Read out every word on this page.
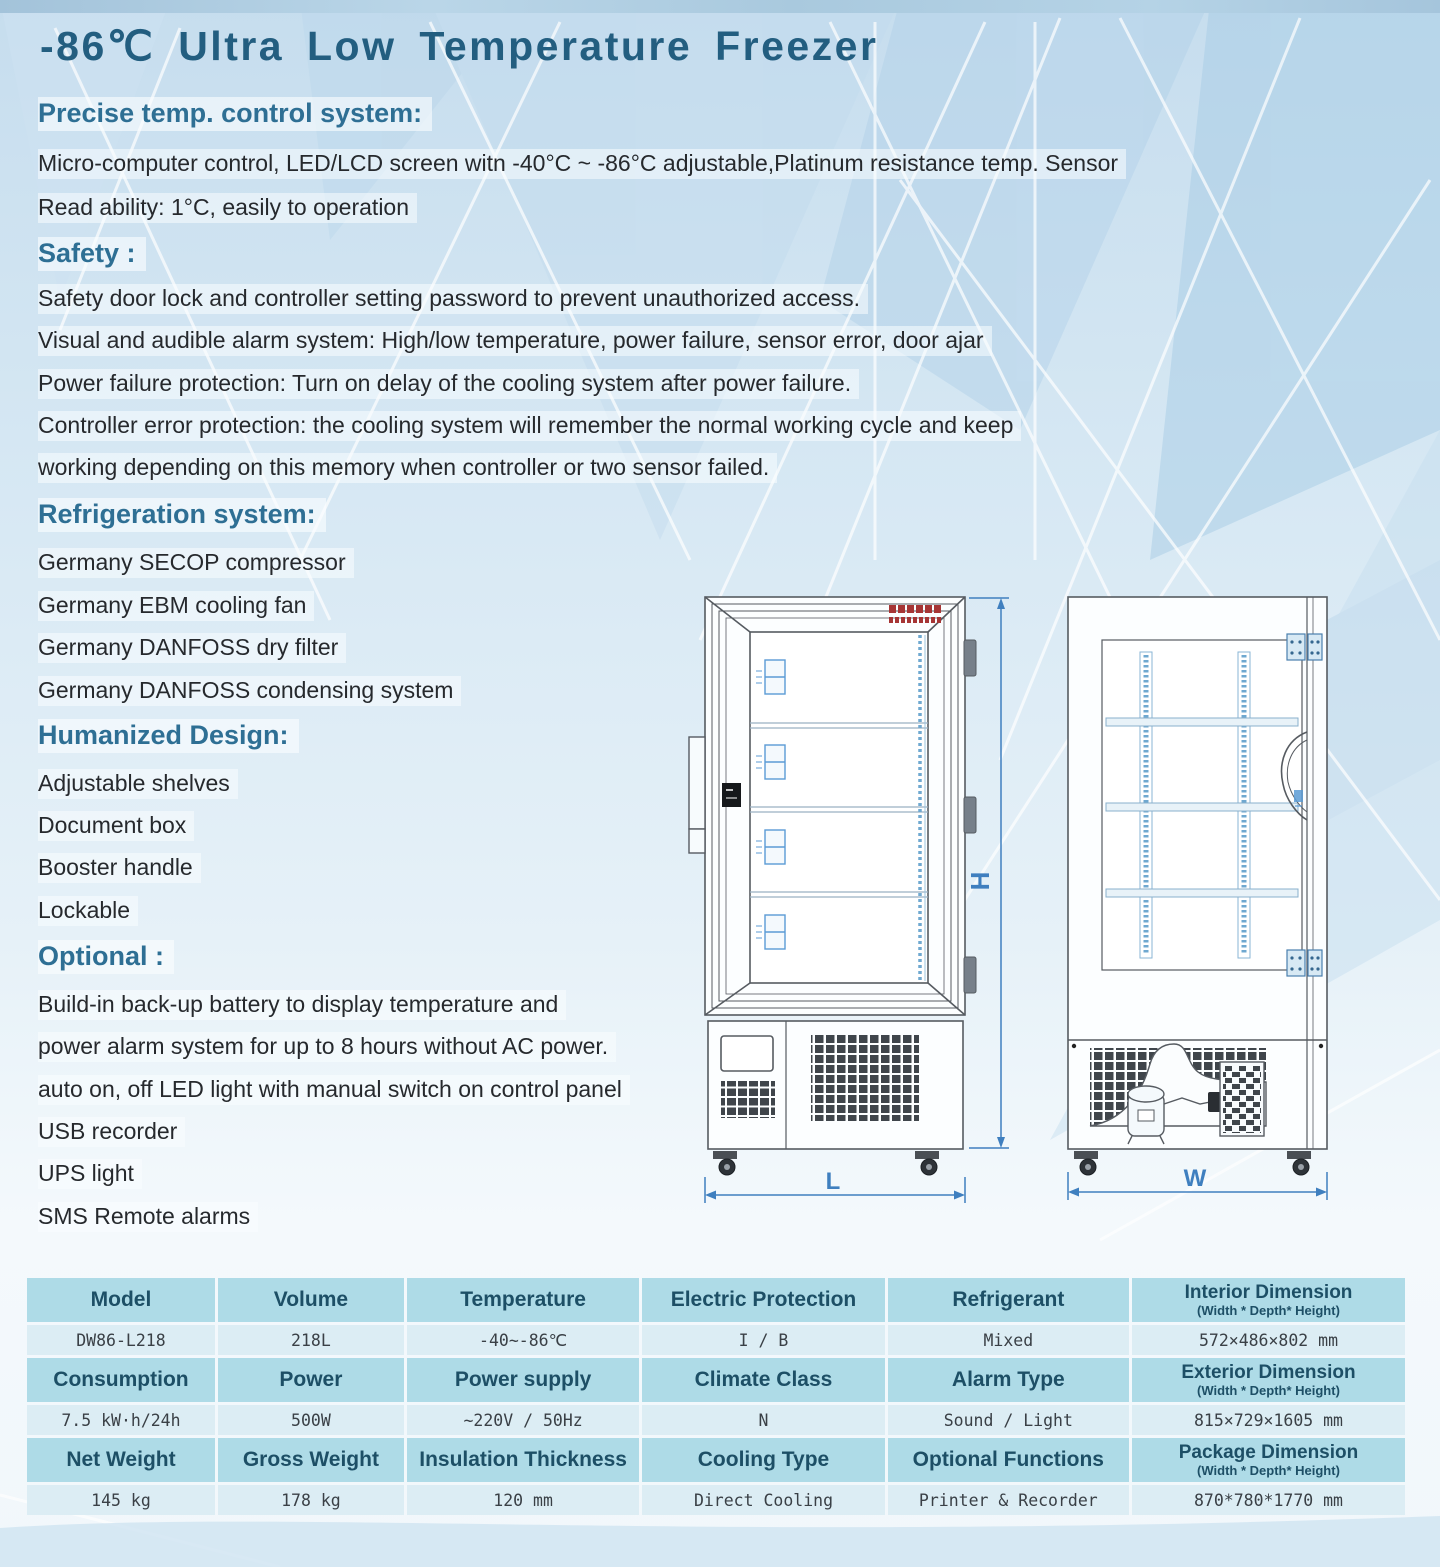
-86℃ Ultra Low Temperature Freezer
Precise temp. control system:
Micro-computer control, LED/LCD screen witn -40°C ~ -86°C adjustable,Platinum resistance temp. Sensor
Read ability: 1°C, easily to operation
Safety :
Safety door lock and controller setting password to prevent unauthorized access.
Visual and audible alarm system: High/low temperature, power failure, sensor error, door ajar
Power failure protection: Turn on delay of the cooling system after power failure.
Controller error protection: the cooling system will remember the normal working cycle and keep
working depending on this memory when controller or two sensor failed.
Refrigeration system:
Germany SECOP compressor
Germany EBM cooling fan
Germany DANFOSS dry filter
Germany DANFOSS condensing system
Humanized Design:
Adjustable shelves
Document box
Booster handle
Lockable
Optional :
Build-in back-up battery to display temperature and
power alarm system for up to 8 hours without AC power.
auto on, off LED light with manual switch on control panel
USB recorder
UPS light
SMS Remote alarms
H
L	W
Model	Volume	Temperature	Electric Protection	Refrigerant	Interior Dimension
(Width * Depth* Height)
DW86-L218	218L	-40~-86℃	I / B	Mixed	572×486×802 mm
Consumption	Power	Power supply	Climate Class	Alarm Type	Exterior Dimension
(Width * Depth* Height)
7.5 kW·h/24h	500W	~220V / 50Hz	N	Sound / Light	815×729×1605 mm
Net Weight	Gross Weight	Insulation Thickness	Cooling Type	Optional Functions	Package Dimension
(Width * Depth* Height)
145 kg	178 kg	120 mm	Direct Cooling	Printer & Recorder	870*780*1770 mm
